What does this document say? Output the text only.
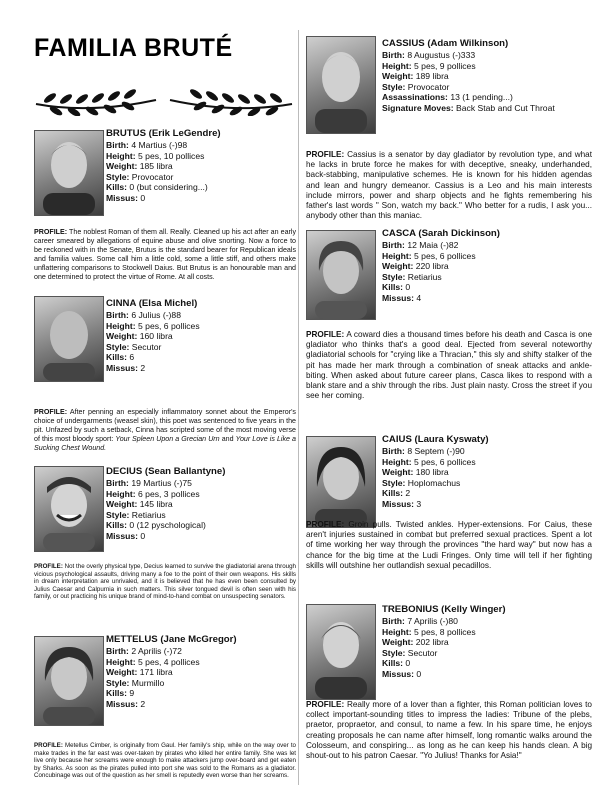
FAMILIA BRUTÉ
BRUTUS (Erik LeGendre)
Birth: 4 Martius (-)98
Height: 5 pes, 10 pollices
Weight: 185 libra
Style: Provocator
Kills: 0 (but considering...)
Missus: 0
PROFILE: The noblest Roman of them all. Really. Cleaned up his act after an early career smeared by allegations of equine abuse and olive snorting. Now a force to be reckoned with in the Senate, Brutus is the standard bearer for Republican ideals and familia values. Some call him a little cold, some a little stiff, and others make unflattering comparisons to Stockwell Daius. But Brutus is an honourable man and one determined to protect the virtue of Rome. At all costs.
CINNA (Elsa Michel)
Birth: 6 Julius (-)88
Height: 5 pes, 6 pollices
Weight: 160 libra
Style: Secutor
Kills: 6
Missus: 2
PROFILE: After penning an especially inflammatory sonnet about the Emperor's choice of undergarments (weasel skin), this poet was sentenced to five years in the pit. Unfazed by such a setback, Cinna has scripted some of the most moving verse of this most bloody sport: Your Spleen Upon a Grecian Urn and Your Love is Like a Sucking Chest Wound.
DECIUS (Sean Ballantyne)
Birth: 19 Martius (-)75
Height: 6 pes, 3 pollices
Weight: 145 libra
Style: Retiarius
Kills: 0 (12 pyschological)
Missus: 0
PROFILE: Not the overly physical type, Decius learned to survive the gladiatorial arena through vicious psychological assaults, driving many a foe to the point of their own weapons. His skills in dream interpretation are unrivaled, and it is believed that he has even been consulted by Julius Caesar and Calpurnia in such matters. This silver tongued devil is often seen with his family, or out practicing his unique brand of mind-to-hand combat on unsuspecting senators.
METTELUS (Jane McGregor)
Birth: 2 Aprilis (-)72
Height: 5 pes, 4 pollices
Weight: 171 libra
Style: Murmillo
Kills: 9
Missus: 2
PROFILE: Metellus Cimber, is originally from Gaul. Her family's ship, while on the way over to make trades in the far east was over-taken by pirates who killed her entire family. She was let live only because her screams were enough to make attackers jump over-board and get eaten by Sharks. As soon as the pirates pulled into port she was sold to the Romans as a gladiator. Concubinage was out of the question as her smell is reputedly even worse than her screams.
CASSIUS (Adam Wilkinson)
Birth: 8 Augustus (-)333
Height: 5 pes, 9 pollices
Weight: 189 libra
Style: Provocator
Assassinations: 13 (1 pending...)
Signature Moves: Back Stab and Cut Throat
PROFILE: Cassius is a senator by day gladiator by revolution type, and what he lacks in brute force he makes for with deceptive, sneaky, underhanded, back-stabbing, manipulative schemes. He is known for his hidden agendas and lean and hungry demeanor. Cassius is a Leo and his main interests include mirrors, power and sharp objects and he fights remembering his father's last words " Son, watch my back." Who better for a rudis, I ask you... anybody other than this maniac.
CASCA (Sarah Dickinson)
Birth: 12 Maia (-)82
Height: 5 pes, 6 pollices
Weight: 220 libra
Style: Retiarius
Kills: 0
Missus: 4
PROFILE: A coward dies a thousand times before his death and Casca is one gladiator who thinks that's a good deal. Ejected from several noteworthy gladiatorial schools for "crying like a Thracian," this sly and shifty stalker of the pit has made her mark through a combination of sneak attacks and ankle-biting. When asked about future career plans, Casca likes to respond with a blank stare and a shiv through the ribs. Just plain nasty. Cross the street if you see her coming.
CAIUS (Laura Kyswaty)
Birth: 8 Septem (-)90
Height: 5 pes, 6 pollices
Weight: 180 libra
Style: Hoplomachus
Kills: 2
Missus: 3
PROFILE: Groin pulls. Twisted ankles. Hyper-extensions. For Caius, these aren't injuries sustained in combat but preferred sexual practices. Spent a lot of time working her way through the provinces "the hard way" but now has a chance for the big time at the Ludi Fringes. Only time will tell if her fighting skills will outshine her outlandish sexual pecadillos.
TREBONIUS (Kelly Winger)
Birth: 7 Aprilis (-)80
Height: 5 pes, 8 pollices
Weight: 202 libra
Style: Secutor
Kills: 0
Missus: 0
PROFILE: Really more of a lover than a fighter, this Roman politician loves to collect important-sounding titles to impress the ladies: Tribune of the plebs, praetor, propraetor, and consul, to name a few. In his spare time, he enjoys creating proposals he can name after himself, long romantic walks around the Colosseum, and conspiring... as long as he can keep his hands clean. A big shout-out to his patron Caesar. "Yo Julius! Thanks for Asia!"
